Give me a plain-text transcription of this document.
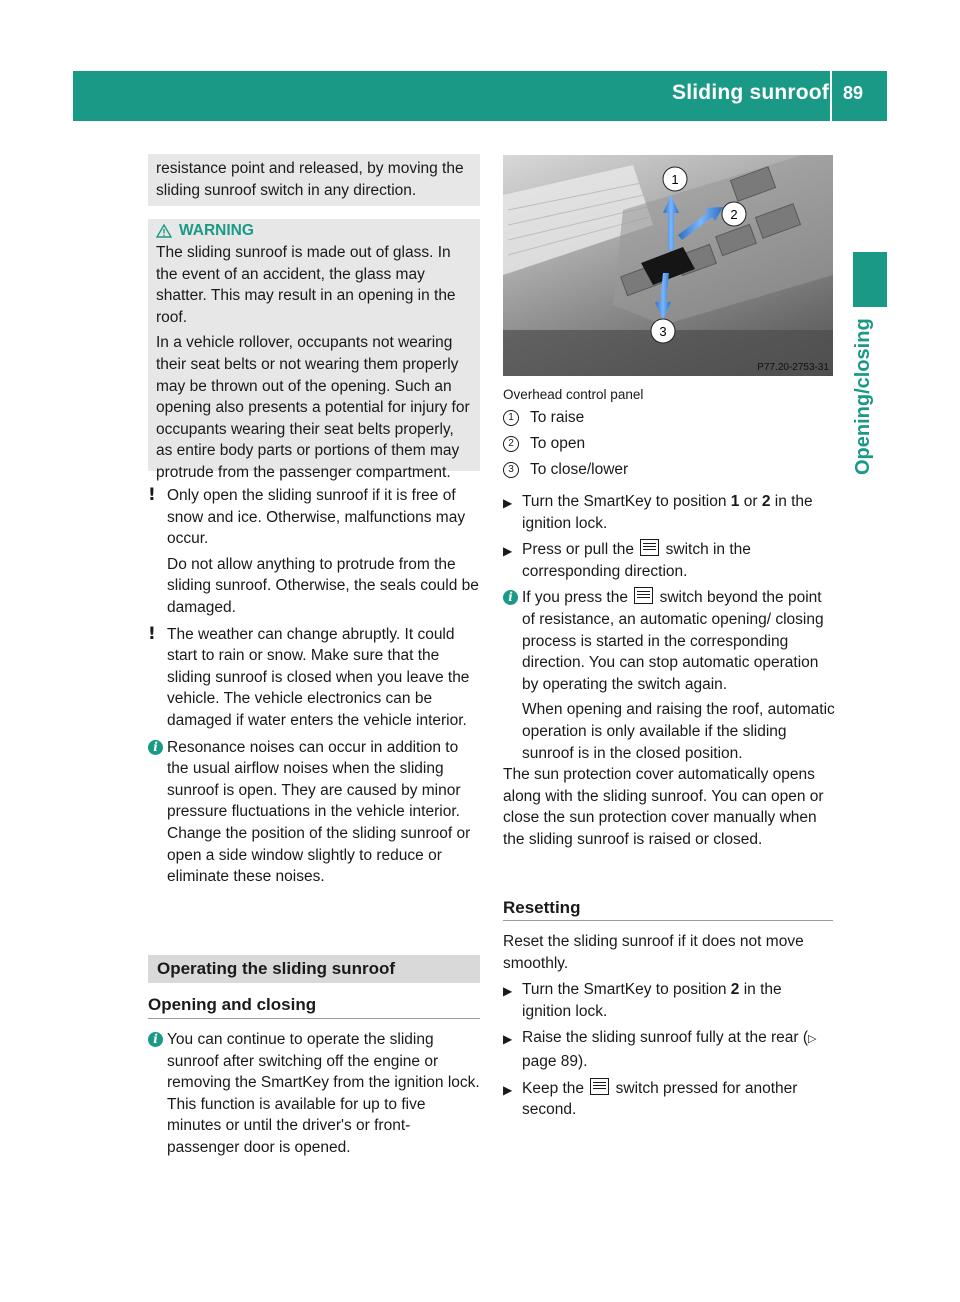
Sliding sunroof 89
Opening/closing
resistance point and released, by moving the sliding sunroof switch in any direction.
WARNING
The sliding sunroof is made out of glass. In the event of an accident, the glass may shatter. This may result in an opening in the roof.
In a vehicle rollover, occupants not wearing their seat belts or not wearing them properly may be thrown out of the opening. Such an opening also presents a potential for injury for occupants wearing their seat belts properly, as entire body parts or portions of them may protrude from the passenger compartment.
! Only open the sliding sunroof if it is free of snow and ice. Otherwise, malfunctions may occur.
Do not allow anything to protrude from the sliding sunroof. Otherwise, the seals could be damaged.
! The weather can change abruptly. It could start to rain or snow. Make sure that the sliding sunroof is closed when you leave the vehicle. The vehicle electronics can be damaged if water enters the vehicle interior.
i Resonance noises can occur in addition to the usual airflow noises when the sliding sunroof is open. They are caused by minor pressure fluctuations in the vehicle interior. Change the position of the sliding sunroof or open a side window slightly to reduce or eliminate these noises.
Operating the sliding sunroof
Opening and closing
i You can continue to operate the sliding sunroof after switching off the engine or removing the SmartKey from the ignition lock. This function is available for up to five minutes or until the driver's or front-passenger door is opened.
1
2
3
P77.20-2753-31
Overhead control panel
1	To raise
2	To open
3	To close/lower
▶ Turn the SmartKey to position 1 or 2 in the ignition lock.
▶ Press or pull the  switch in the corresponding direction.
i If you press the  switch beyond the point of resistance, an automatic opening/ closing process is started in the corresponding direction. You can stop automatic operation by operating the switch again.
When opening and raising the roof, automatic operation is only available if the sliding sunroof is in the closed position.
The sun protection cover automatically opens along with the sliding sunroof. You can open or close the sun protection cover manually when the sliding sunroof is raised or closed.
Resetting
Reset the sliding sunroof if it does not move smoothly.
▶ Turn the SmartKey to position 2 in the ignition lock.
▶ Raise the sliding sunroof fully at the rear (▷ page 89).
▶ Keep the  switch pressed for another second.
